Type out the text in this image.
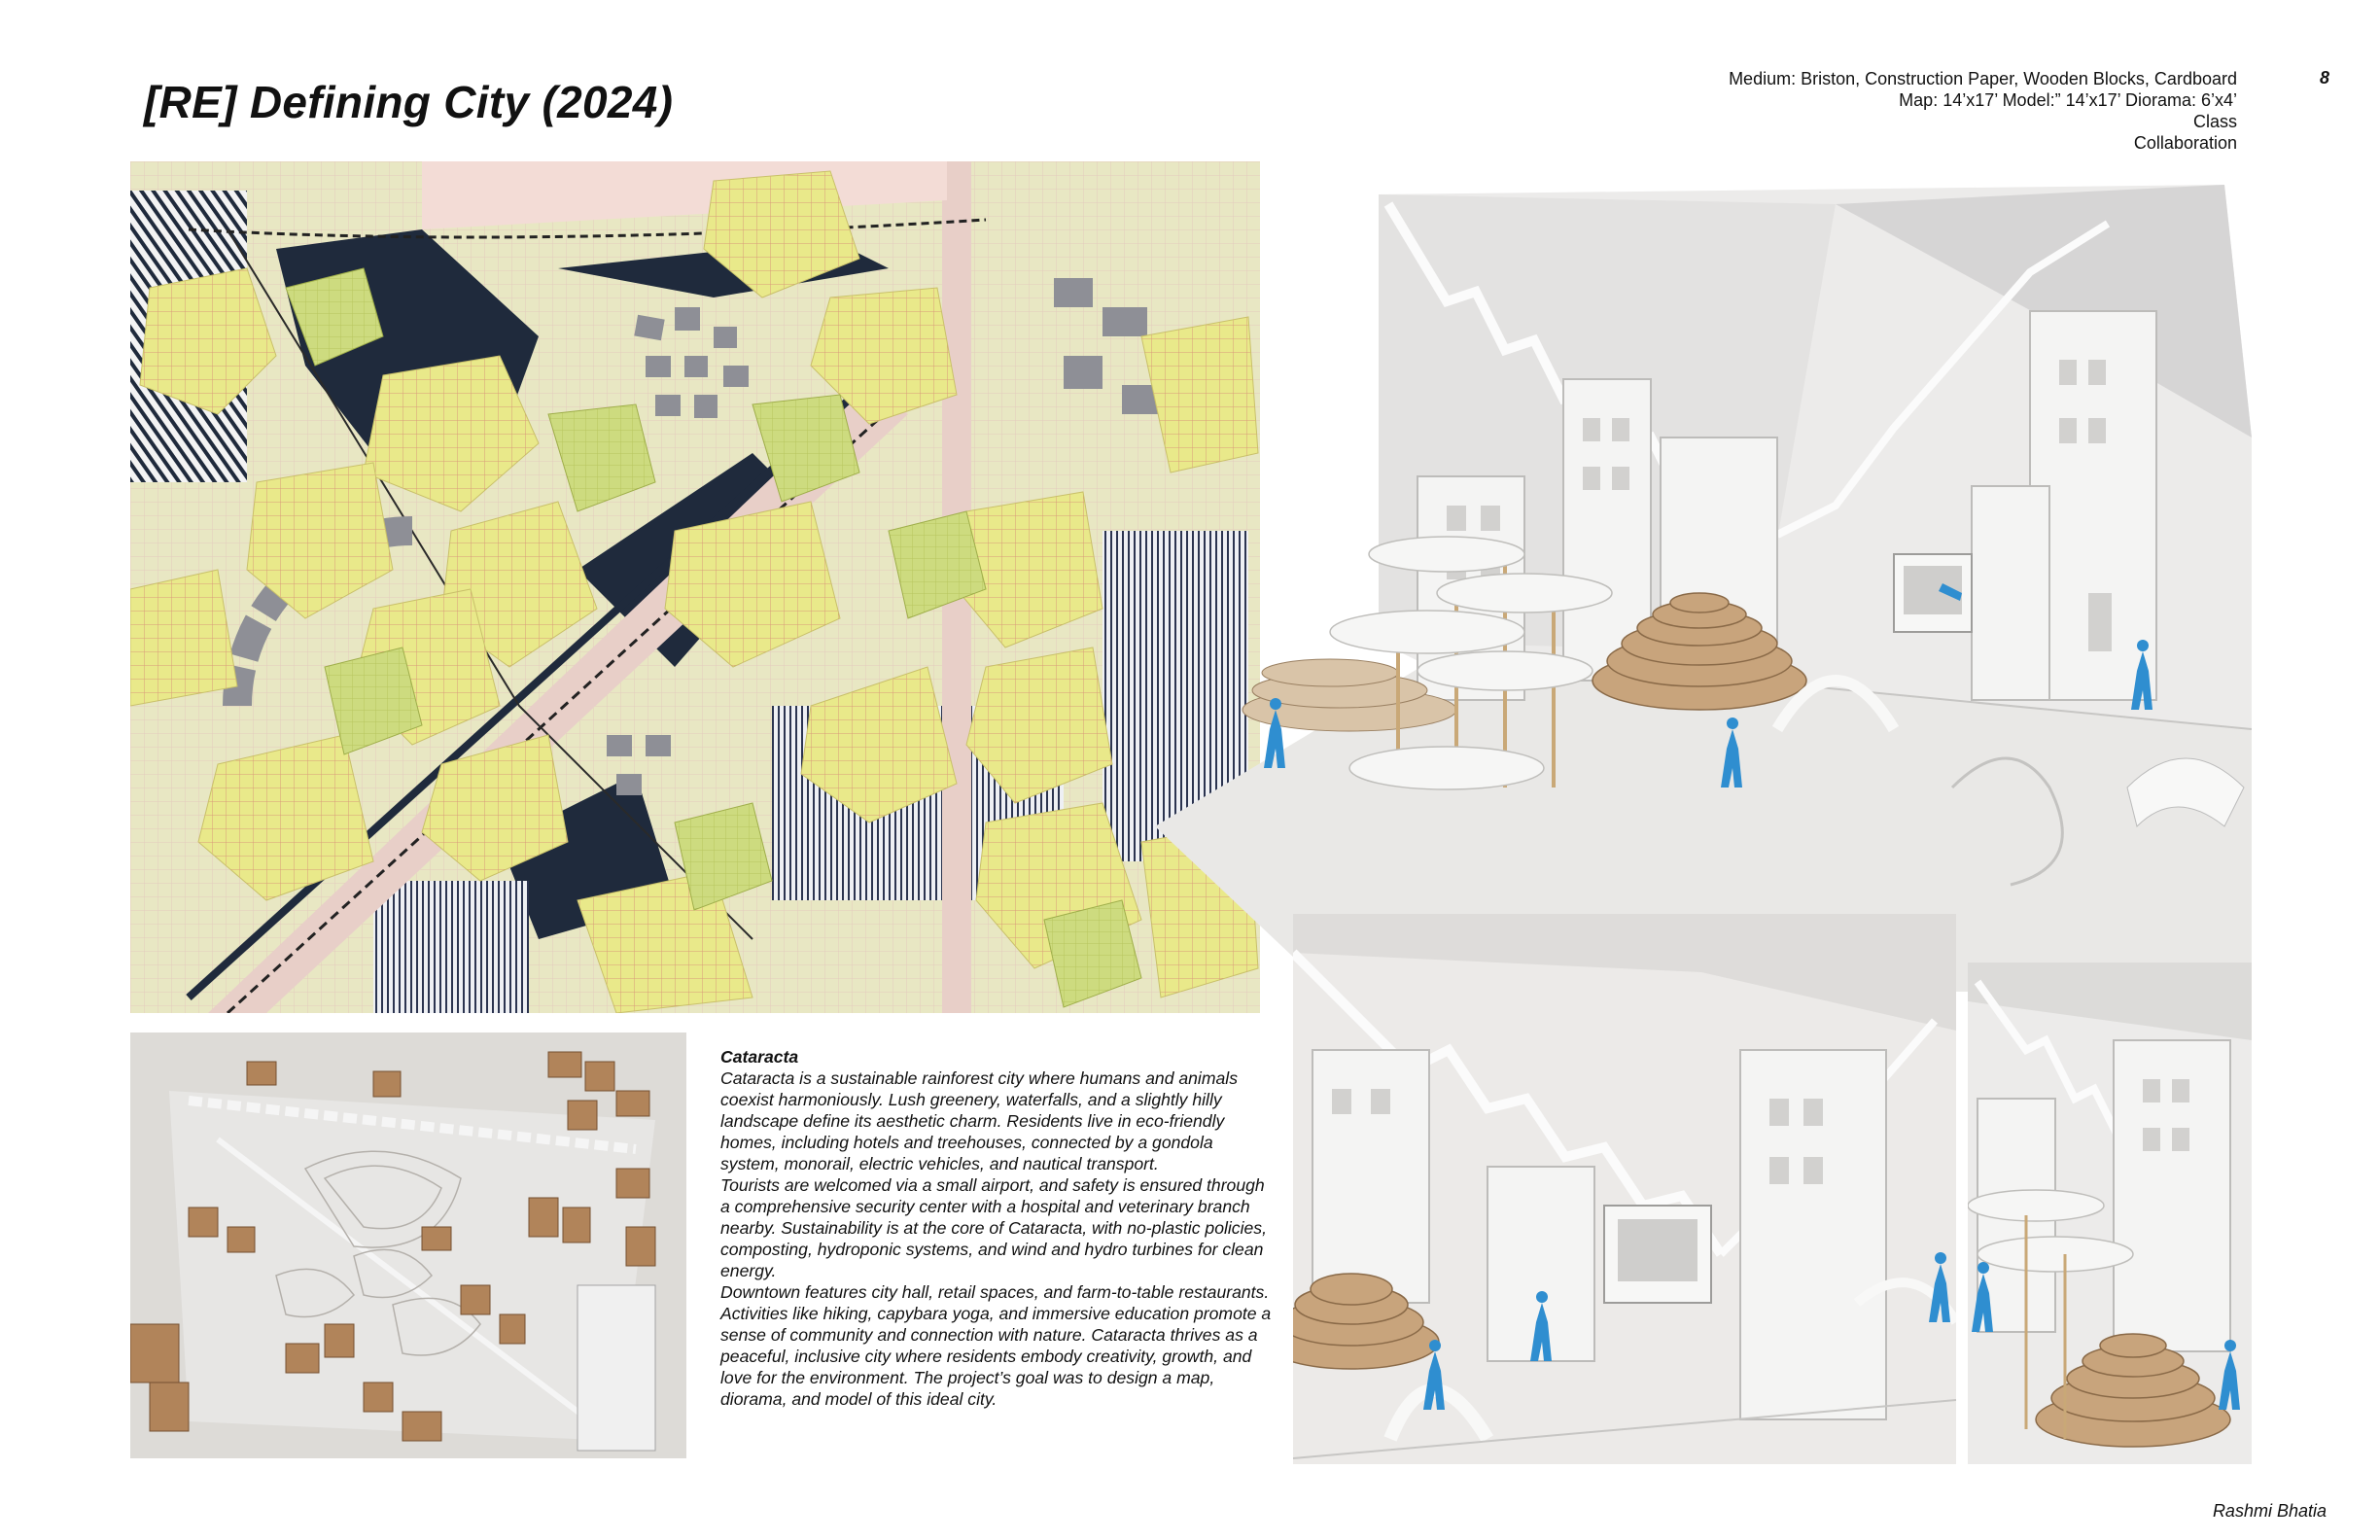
[RE] Defining City (2024)	Medium: Briston, Construction Paper, Wooden Blocks, Cardboard
Map: 14’x17’ Model:” 14’x17’ Diorama: 6’x4’
Class
Collaboration
8

Cataracta

Cataracta is a sustainable rainforest city where humans and animals coexist harmoniously. Lush greenery, waterfalls, and a slightly hilly landscape define its aesthetic charm. Residents live in eco-friendly homes, including hotels and treehouses, connected by a gondola system, monorail, electric vehicles, and nautical transport.

Tourists are welcomed via a small airport, and safety is ensured through a comprehensive security center with a hospital and veterinary branch nearby. Sustainability is at the core of Cataracta, with no-plastic policies, composting, hydroponic systems, and wind and hydro turbines for clean energy.

Downtown features city hall, retail spaces, and farm-to-table restaurants. Activities like hiking, capybara yoga, and immersive education promote a sense of community and connection with nature. Cataracta thrives as a peaceful, inclusive city where residents embody creativity, growth, and love for the environment. The project’s goal was to design a map, diorama, and model of this ideal city.

Rashmi Bhatia
